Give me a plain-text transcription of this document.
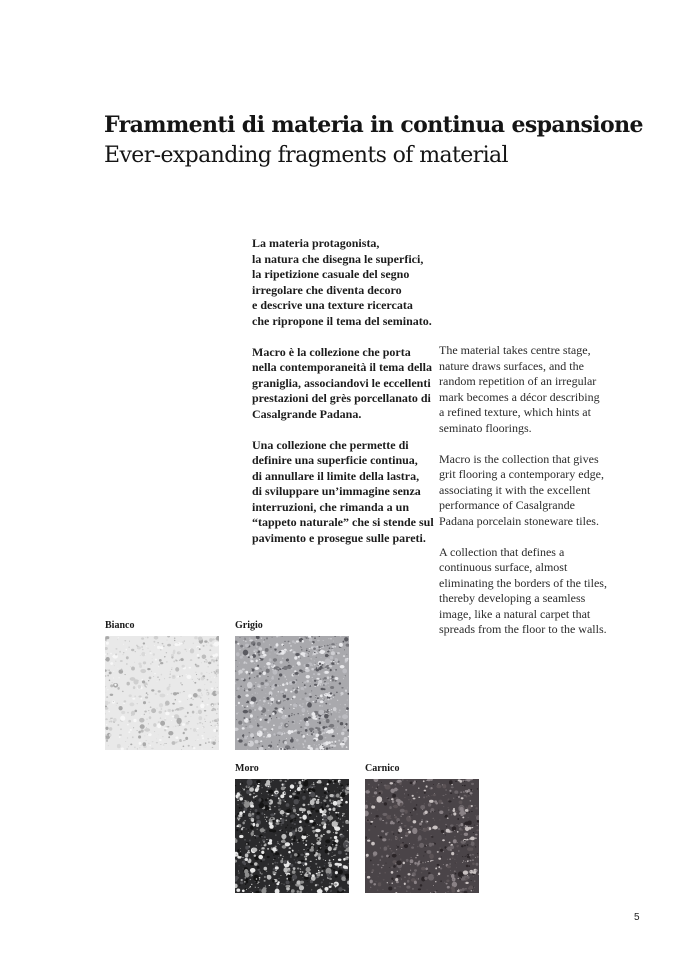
Frammenti di materia in continua espansione
Ever-expanding fragments of material

La materia protagonista,
la natura che disegna le superfici,
la ripetizione casuale del segno
irregolare che diventa decoro
e descrive una texture ricercata
che ripropone il tema del seminato.

Macro è la collezione che porta
nella contemporaneità il tema della
graniglia, associandovi le eccellenti
prestazioni del grès porcellanato di
Casalgrande Padana.

Una collezione che permette di
definire una superficie continua,
di annullare il limite della lastra,
di sviluppare un’immagine senza
interruzioni, che rimanda a un
“tappeto naturale” che si stende sul
pavimento e prosegue sulle pareti.

The material takes centre stage,
nature draws surfaces, and the
random repetition of an irregular
mark becomes a décor describing
a refined texture, which hints at
seminato floorings.

Macro is the collection that gives
grit flooring a contemporary edge,
associating it with the excellent
performance of Casalgrande
Padana porcelain stoneware tiles.

A collection that defines a
continuous surface, almost
eliminating the borders of the tiles,
thereby developing a seamless
image, like a natural carpet that
spreads from the floor to the walls.

Bianco	Grigio
Moro	Carnico
5
